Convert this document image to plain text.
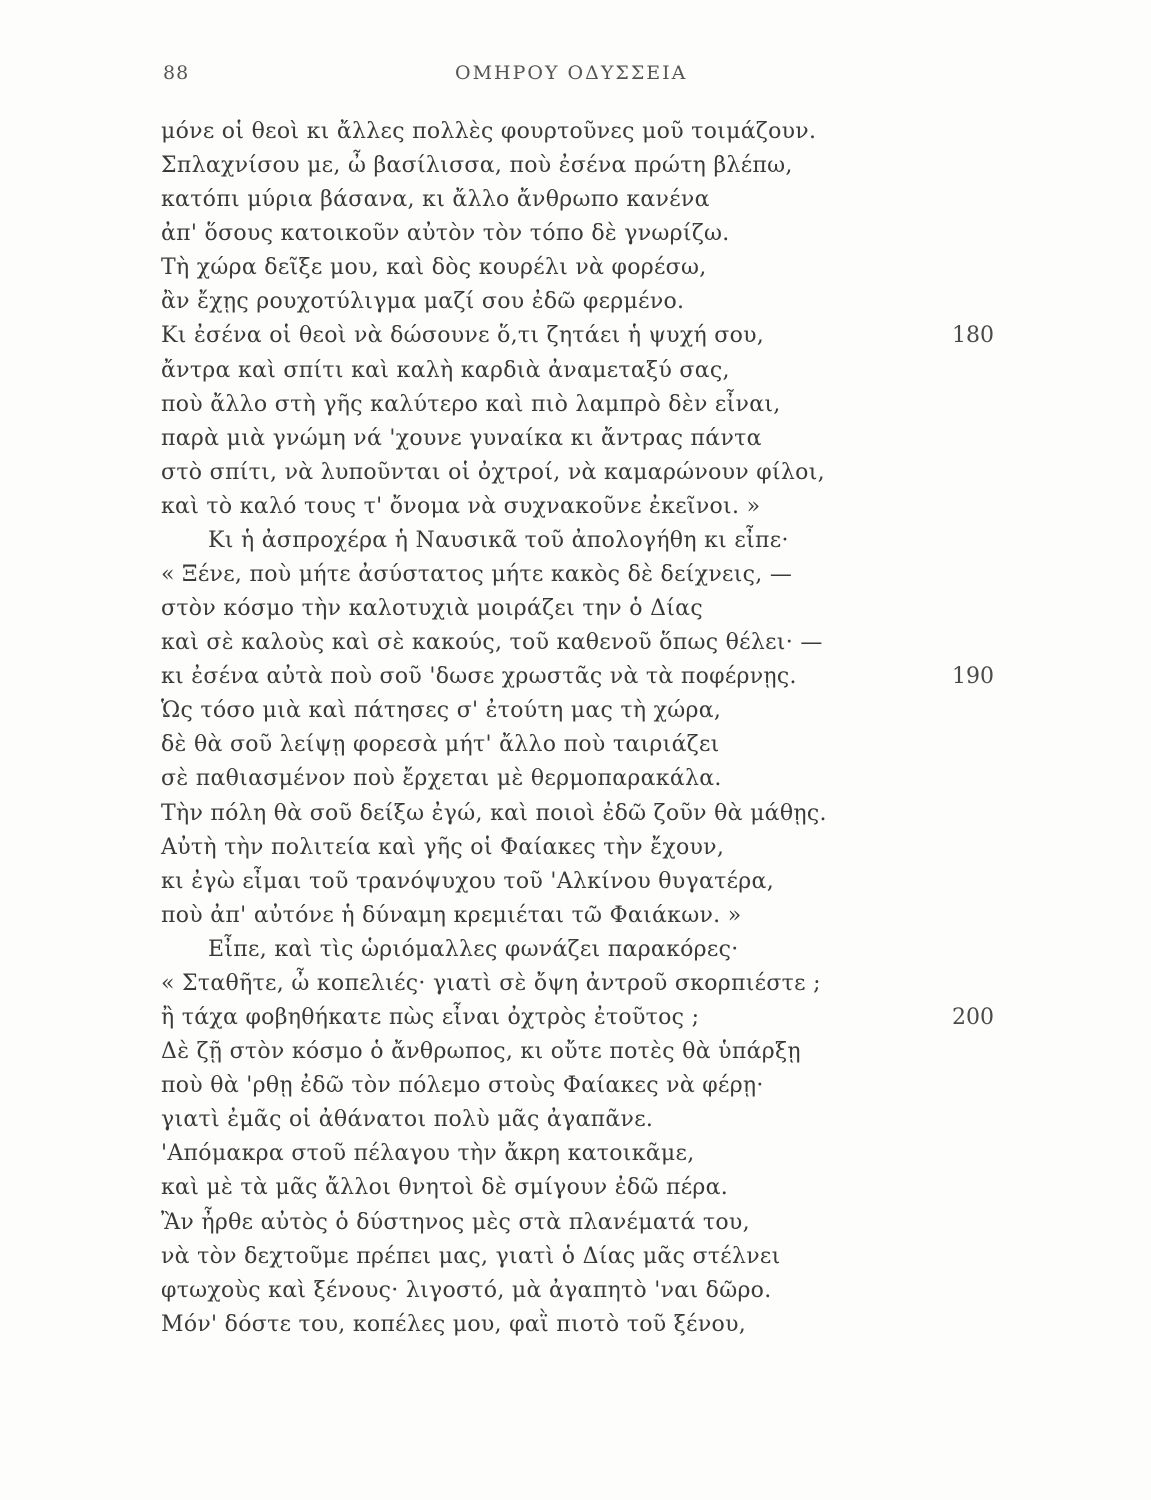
88	ΟΜΗΡΟΥ ΟΔΥΣΣΕΙΑ
μόνε οἱ θεοὶ κι ἄλλες πολλὲς φουρτοῦνες μοῦ τοιμάζουν.
Σπλαχνίσου με, ὦ βασίλισσα, ποὺ ἐσένα πρώτη βλέπω,
κατόπι μύρια βάσανα, κι ἄλλο ἄνθρωπο κανένα
ἀπ' ὅσους κατοικοῦν αὐτὸν τὸν τόπο δὲ γνωρίζω.
Τὴ χώρα δεῖξε μου, καὶ δὸς κουρέλι νὰ φορέσω,
ἂν ἔχῃς ρουχοτύλιγμα μαζί σου ἐδῶ φερμένο.
Κι ἐσένα οἱ θεοὶ νὰ δώσουνε ὅ,τι ζητάει ἡ ψυχή σου,	180
ἄντρα καὶ σπίτι καὶ καλὴ καρδιὰ ἀναμεταξύ σας,
ποὺ ἄλλο στὴ γῆς καλύτερο καὶ πιὸ λαμπρὸ δὲν εἶναι,
παρὰ μιὰ γνώμη νά 'χουνε γυναίκα κι ἄντρας πάντα
στὸ σπίτι, νὰ λυποῦνται οἱ ὀχτροί, νὰ καμαρώνουν φίλοι,
καὶ τὸ καλό τους τ' ὄνομα νὰ συχνακοῦνε ἐκεῖνοι. »
Κι ἡ ἀσπροχέρα ἡ Ναυσικᾶ τοῦ ἀπολογήθη κι εἶπε·
« Ξένε, ποὺ μήτε ἀσύστατος μήτε κακὸς δὲ δείχνεις, —
στὸν κόσμο τὴν καλοτυχιὰ μοιράζει την ὁ Δίας
καὶ σὲ καλοὺς καὶ σὲ κακούς, τοῦ καθενοῦ ὅπως θέλει· —
κι ἐσένα αὐτὰ ποὺ σοῦ 'δωσε χρωστᾶς νὰ τὰ ποφέρνῃς.	190
Ὡς τόσο μιὰ καὶ πάτησες σ' ἐτούτη μας τὴ χώρα,
δὲ θὰ σοῦ λείψῃ φορεσὰ μήτ' ἄλλο ποὺ ταιριάζει
σὲ παθιασμένον ποὺ ἔρχεται μὲ θερμοπαρακάλα.
Τὴν πόλη θὰ σοῦ δείξω ἐγώ, καὶ ποιοὶ ἐδῶ ζοῦν θὰ μάθῃς.
Αὐτὴ τὴν πολιτεία καὶ γῆς οἱ Φαίακες τὴν ἔχουν,
κι ἐγὼ εἶμαι τοῦ τρανόψυχου τοῦ 'Αλκίνου θυγατέρα,
ποὺ ἀπ' αὐτόνε ἡ δύναμη κρεμιέται τῶ Φαιάκων. »
Εἶπε, καὶ τὶς ὡριόμαλλες φωνάζει παρακόρες·
« Σταθῆτε, ὦ κοπελιές· γιατὶ σὲ ὄψη ἀντροῦ σκορπιέστε ;
ἢ τάχα φοβηθήκατε πὼς εἶναι ὀχτρὸς ἐτοῦτος ;	200
Δὲ ζῇ στὸν κόσμο ὁ ἄνθρωπος, κι οὔτε ποτὲς θὰ ὑπάρξῃ
ποὺ θὰ 'ρθῃ ἐδῶ τὸν πόλεμο στοὺς Φαίακες νὰ φέρῃ·
γιατὶ ἐμᾶς οἱ ἀθάνατοι πολὺ μᾶς ἀγαπᾶνε.
'Απόμακρα στοῦ πέλαγου τὴν ἄκρη κατοικᾶμε,
καὶ μὲ τὰ μᾶς ἄλλοι θνητοὶ δὲ σμίγουν ἐδῶ πέρα.
Ἂν ἦρθε αὐτὸς ὁ δύστηνος μὲς στὰ πλανέματά του,
νὰ τὸν δεχτοῦμε πρέπει μας, γιατὶ ὁ Δίας μᾶς στέλνει
φτωχοὺς καὶ ξένους· λιγοστό, μὰ ἀγαπητὸ 'ναι δῶρο.
Μόν' δόστε του, κοπέλες μου, φαῒ πιοτὸ τοῦ ξένου,
